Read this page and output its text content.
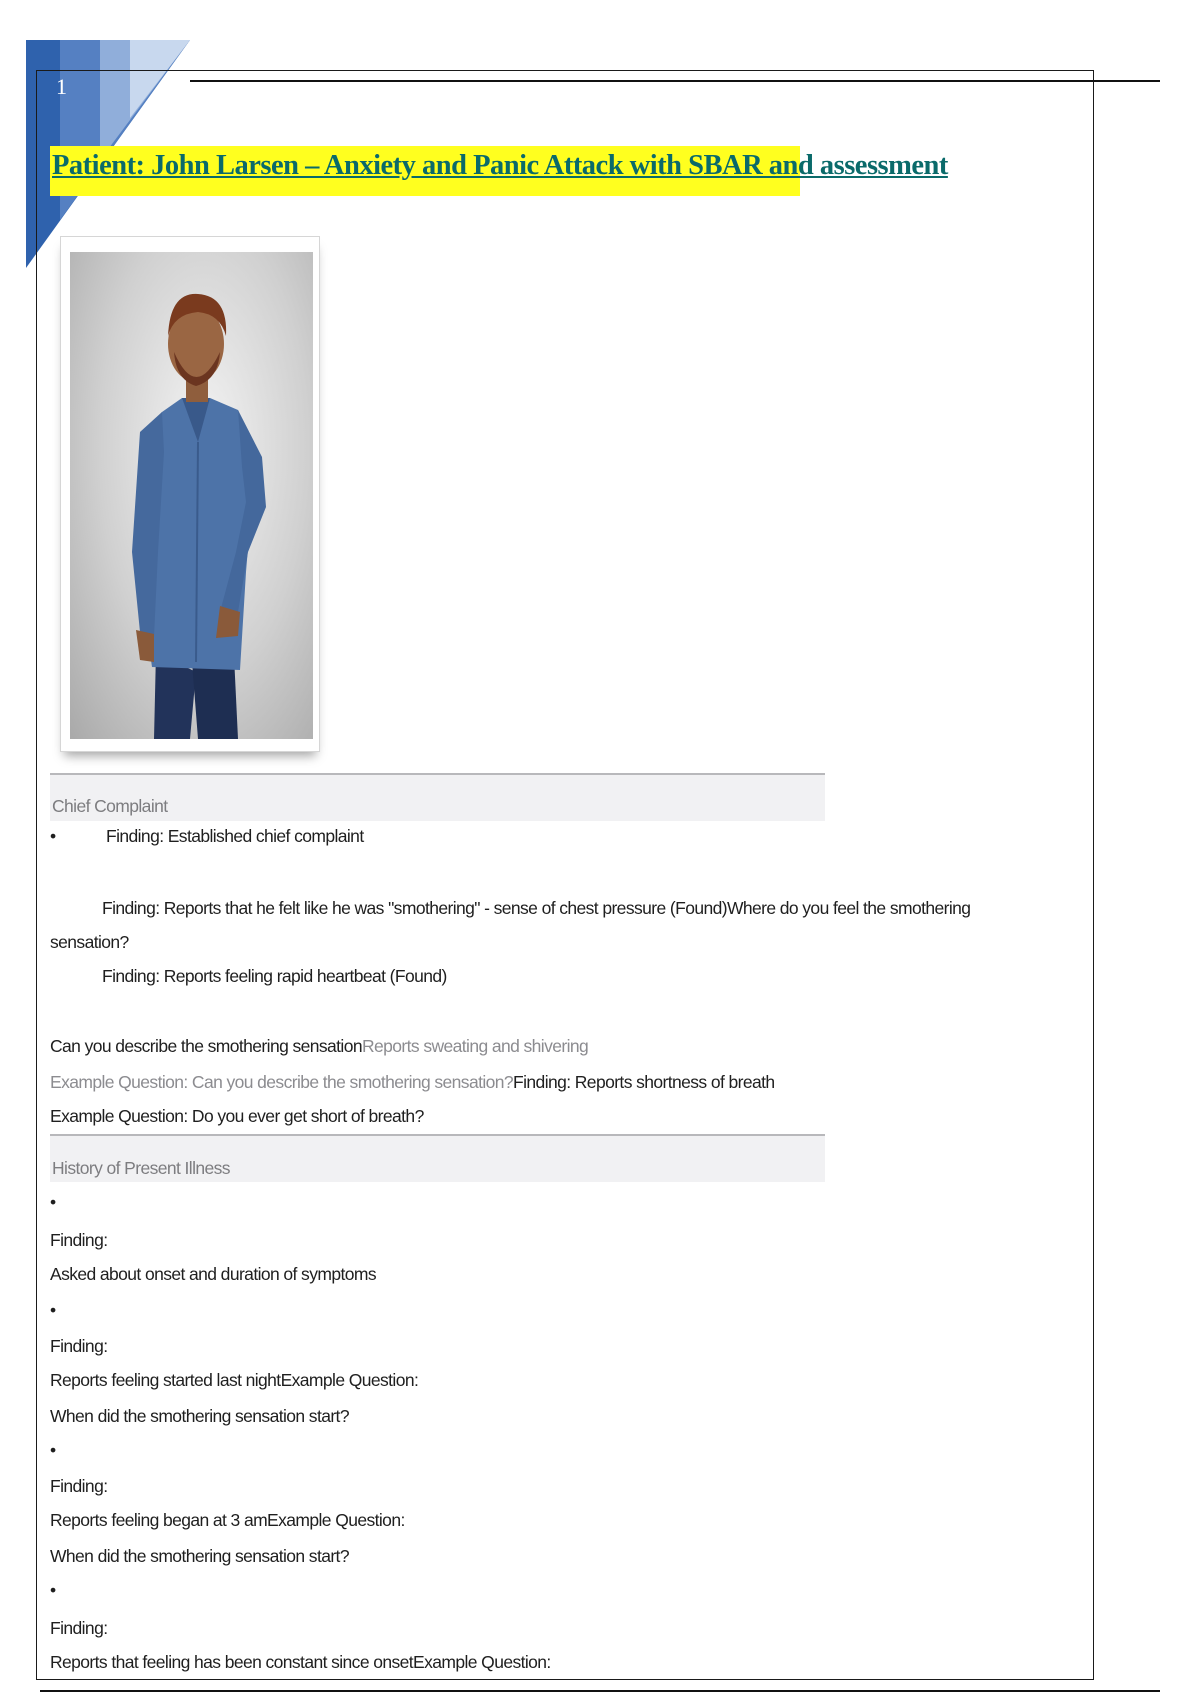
1
Patient: John Larsen – Anxiety and Panic Attack with SBAR and assessment
Chief Complaint
•	Finding: Established chief complaint
Finding: Reports that he felt like he was "smothering" - sense of chest pressure (Found)Where do you feel the smothering
sensation?
Finding: Reports feeling rapid heartbeat (Found)
Can you describe the smothering sensationReports sweating and shivering
Example Question: Can you describe the smothering sensation?Finding: Reports shortness of breath
Example Question: Do you ever get short of breath?
History of Present Illness
•
Finding:
Asked about onset and duration of symptoms
•
Finding:
Reports feeling started last nightExample Question:
When did the smothering sensation start?
•
Finding:
Reports feeling began at 3 amExample Question:
When did the smothering sensation start?
•
Finding:
Reports that feeling has been constant since onsetExample Question:
